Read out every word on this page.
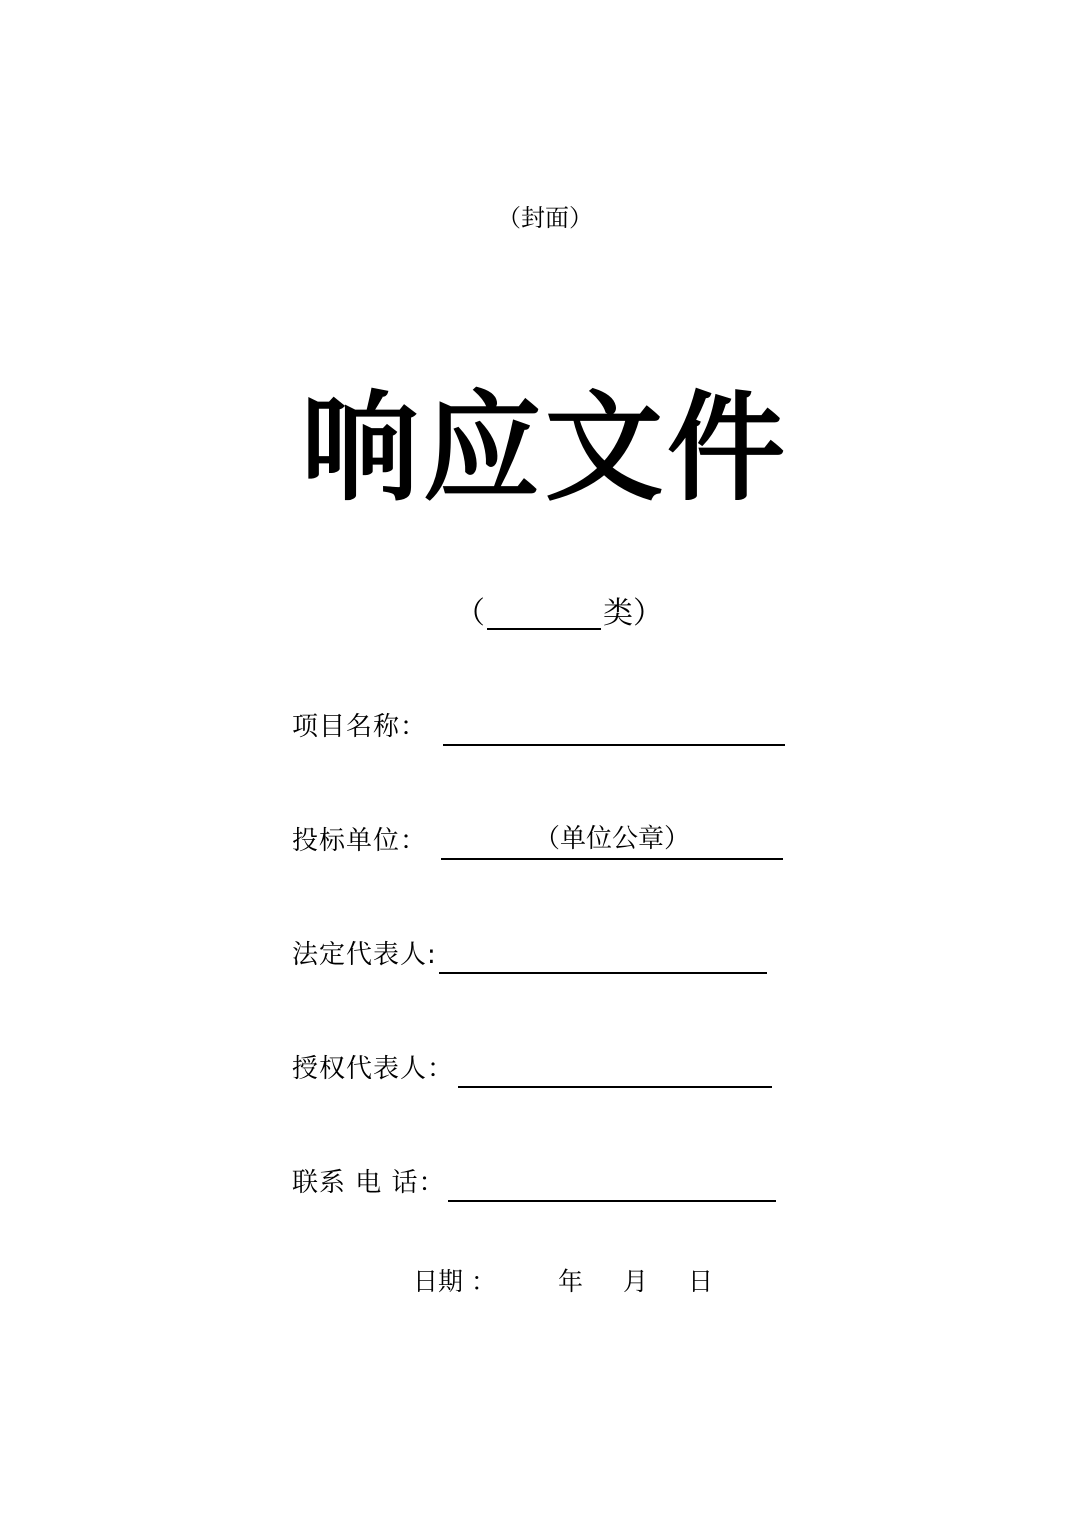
（封面）
响应文件
（	类）
项目名称：
投标单位：	（单位公章）
法定代表人:
授权代表人：
联系 电 话：
日期 ： 年 月 日
